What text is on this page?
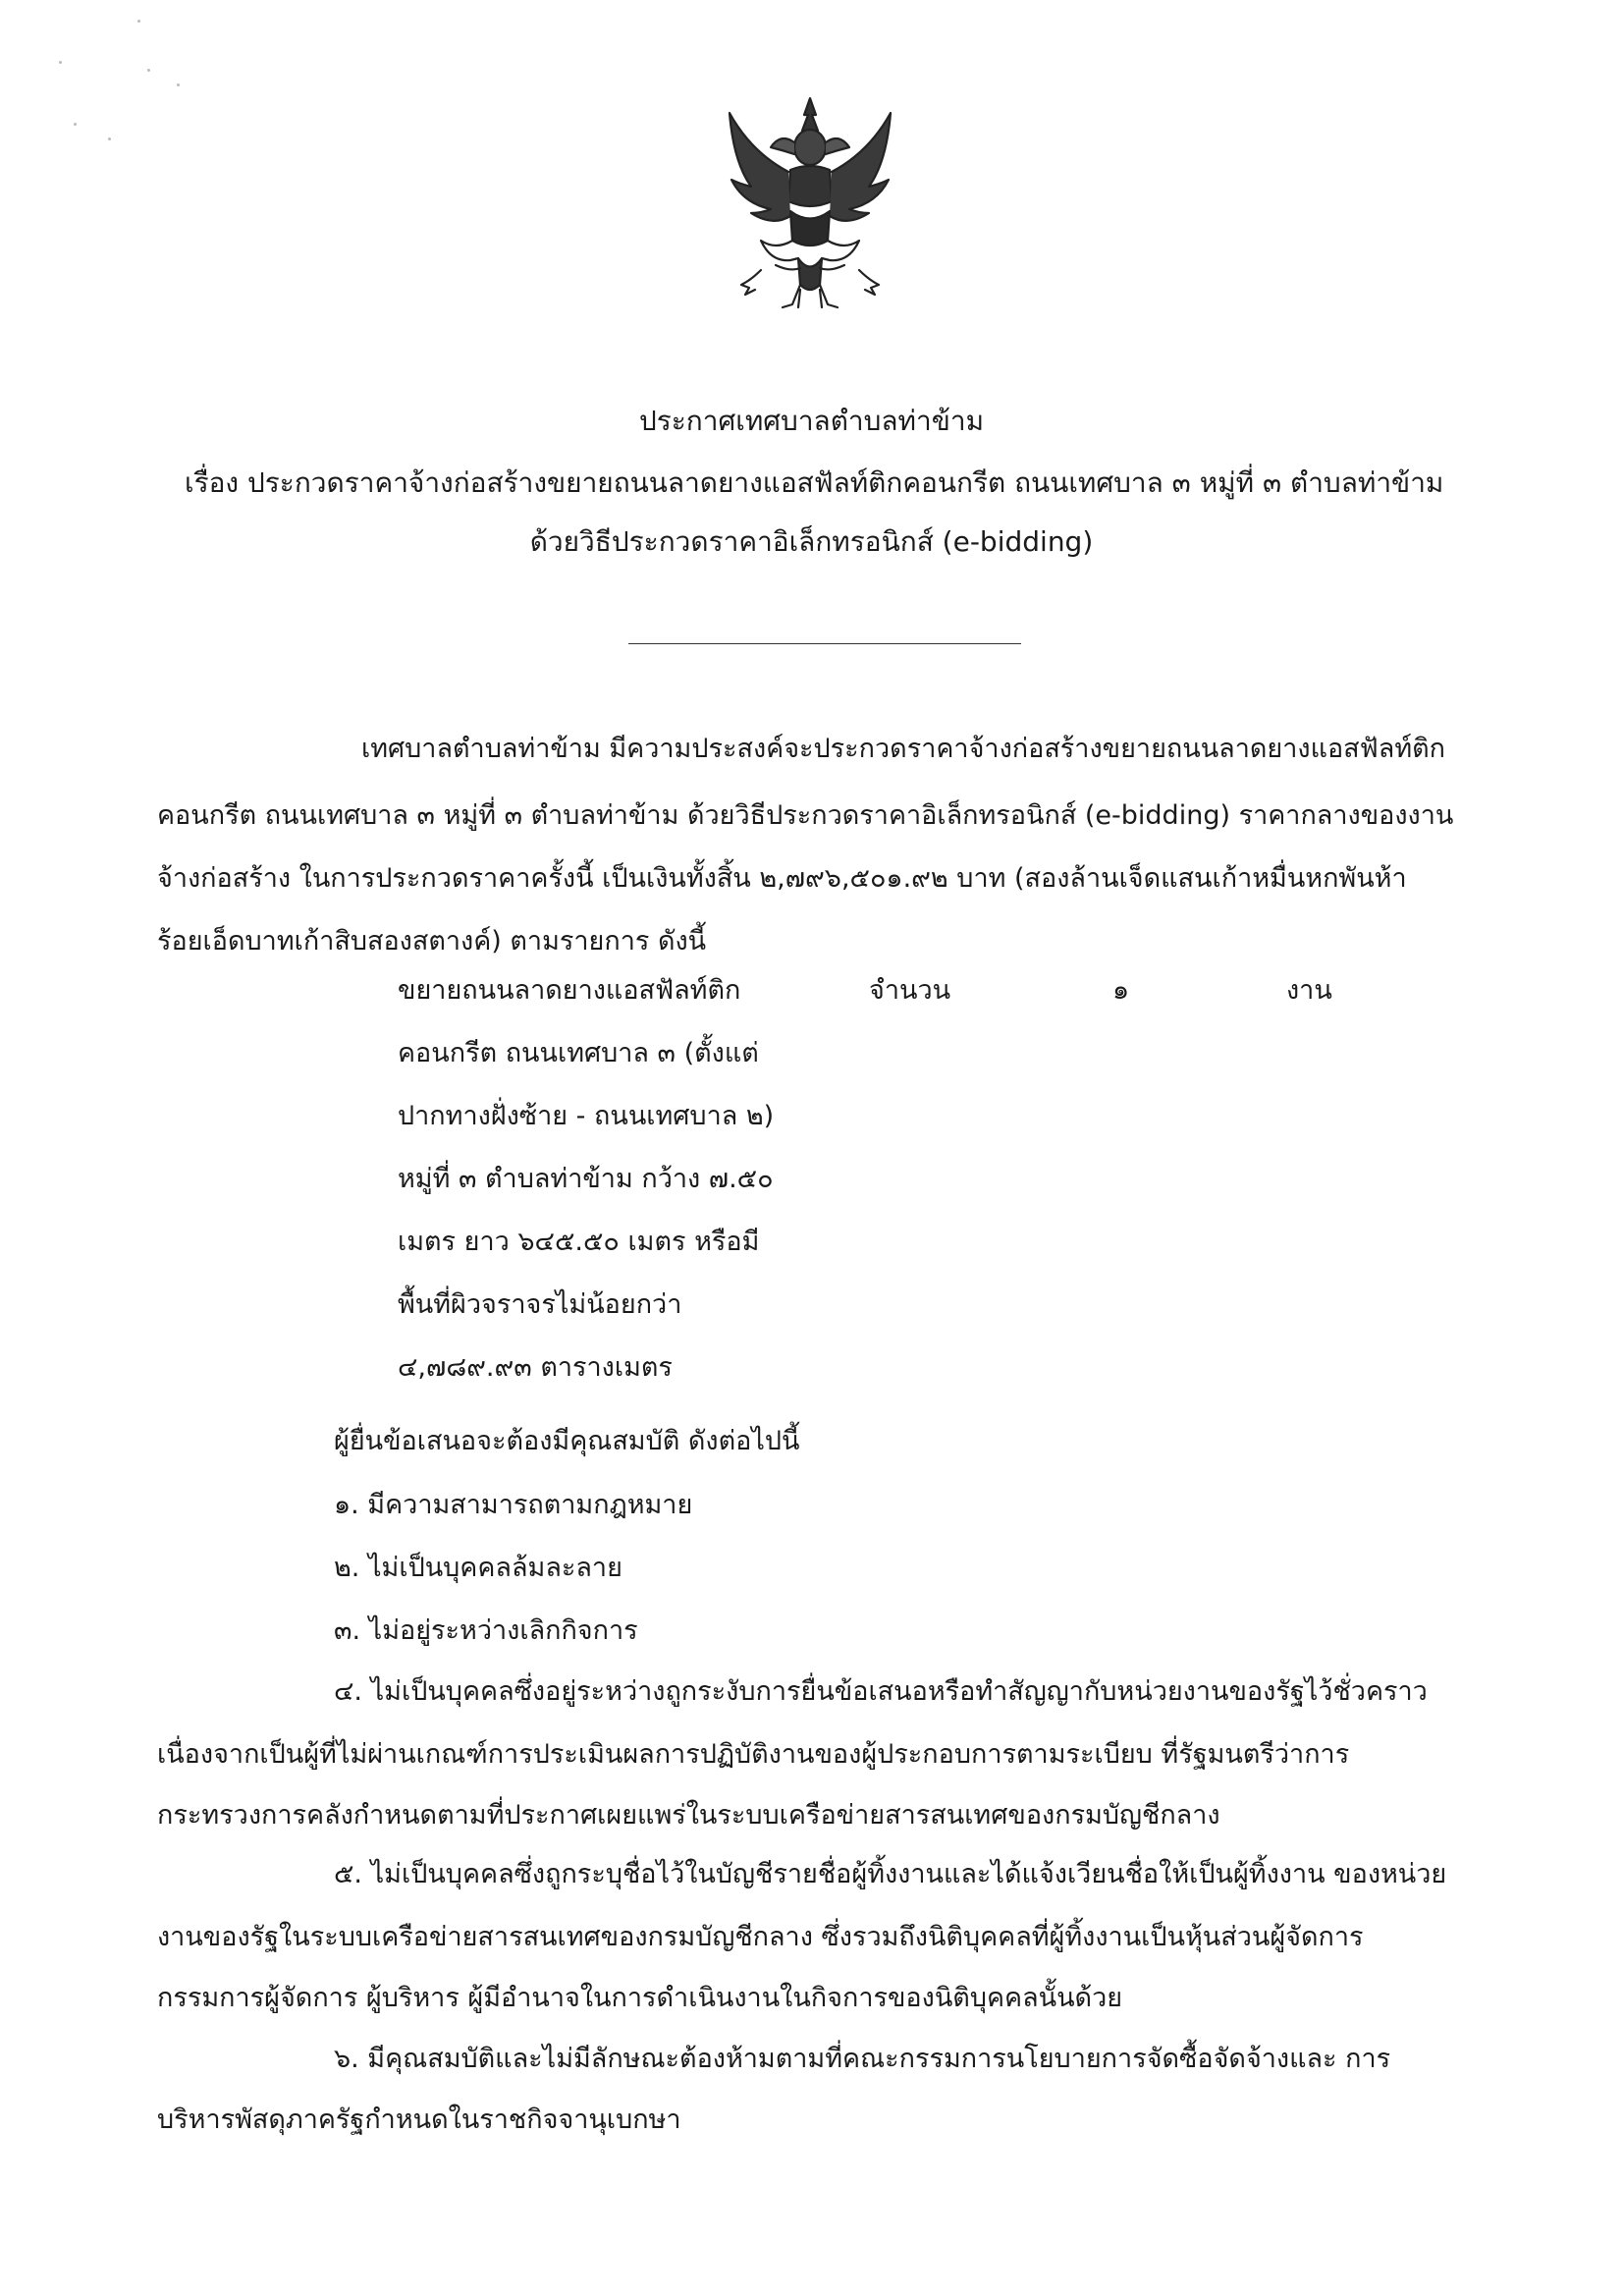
ประกาศเทศบาลตำบลท่าข้าม
เรื่อง ประกวดราคาจ้างก่อสร้างขยายถนนลาดยางแอสฟัลท์ติกคอนกรีต ถนนเทศบาล ๓ หมู่ที่ ๓ ตำบลท่าข้าม
ด้วยวิธีประกวดราคาอิเล็กทรอนิกส์ (e-bidding)
เทศบาลตำบลท่าข้าม มีความประสงค์จะประกวดราคาจ้างก่อสร้างขยายถนนลาดยางแอสฟัลท์ติก
คอนกรีต ถนนเทศบาล ๓ หมู่ที่ ๓ ตำบลท่าข้าม ด้วยวิธีประกวดราคาอิเล็กทรอนิกส์ (e-bidding) ราคากลางของงาน
จ้างก่อสร้าง ในการประกวดราคาครั้งนี้ เป็นเงินทั้งสิ้น ๒,๗๙๖,๕๐๑.๙๒ บาท (สองล้านเจ็ดแสนเก้าหมื่นหกพันห้า
ร้อยเอ็ดบาทเก้าสิบสองสตางค์) ตามรายการ ดังนี้
ขยายถนนลาดยางแอสฟัลท์ติก
คอนกรีต ถนนเทศบาล ๓ (ตั้งแต่
ปากทางฝั่งซ้าย - ถนนเทศบาล ๒)
หมู่ที่ ๓ ตำบลท่าข้าม กว้าง ๗.๕๐
เมตร ยาว ๖๔๕.๕๐ เมตร หรือมี
พื้นที่ผิวจราจรไม่น้อยกว่า
๔,๗๘๙.๙๓ ตารางเมตร
จำนวน	๑	งาน
ผู้ยื่นข้อเสนอจะต้องมีคุณสมบัติ ดังต่อไปนี้
๑. มีความสามารถตามกฎหมาย
๒. ไม่เป็นบุคคลล้มละลาย
๓. ไม่อยู่ระหว่างเลิกกิจการ
๔. ไม่เป็นบุคคลซึ่งอยู่ระหว่างถูกระงับการยื่นข้อเสนอหรือทำสัญญากับหน่วยงานของรัฐไว้ชั่วคราว
เนื่องจากเป็นผู้ที่ไม่ผ่านเกณฑ์การประเมินผลการปฏิบัติงานของผู้ประกอบการตามระเบียบ ที่รัฐมนตรีว่าการ
กระทรวงการคลังกำหนดตามที่ประกาศเผยแพร่ในระบบเครือข่ายสารสนเทศของกรมบัญชีกลาง
๕. ไม่เป็นบุคคลซึ่งถูกระบุชื่อไว้ในบัญชีรายชื่อผู้ทิ้งงานและได้แจ้งเวียนชื่อให้เป็นผู้ทิ้งงาน ของหน่วย
งานของรัฐในระบบเครือข่ายสารสนเทศของกรมบัญชีกลาง ซึ่งรวมถึงนิติบุคคลที่ผู้ทิ้งงานเป็นหุ้นส่วนผู้จัดการ
กรรมการผู้จัดการ ผู้บริหาร ผู้มีอำนาจในการดำเนินงานในกิจการของนิติบุคคลนั้นด้วย
๖. มีคุณสมบัติและไม่มีลักษณะต้องห้ามตามที่คณะกรรมการนโยบายการจัดซื้อจัดจ้างและ การ
บริหารพัสดุภาครัฐกำหนดในราชกิจจานุเบกษา
